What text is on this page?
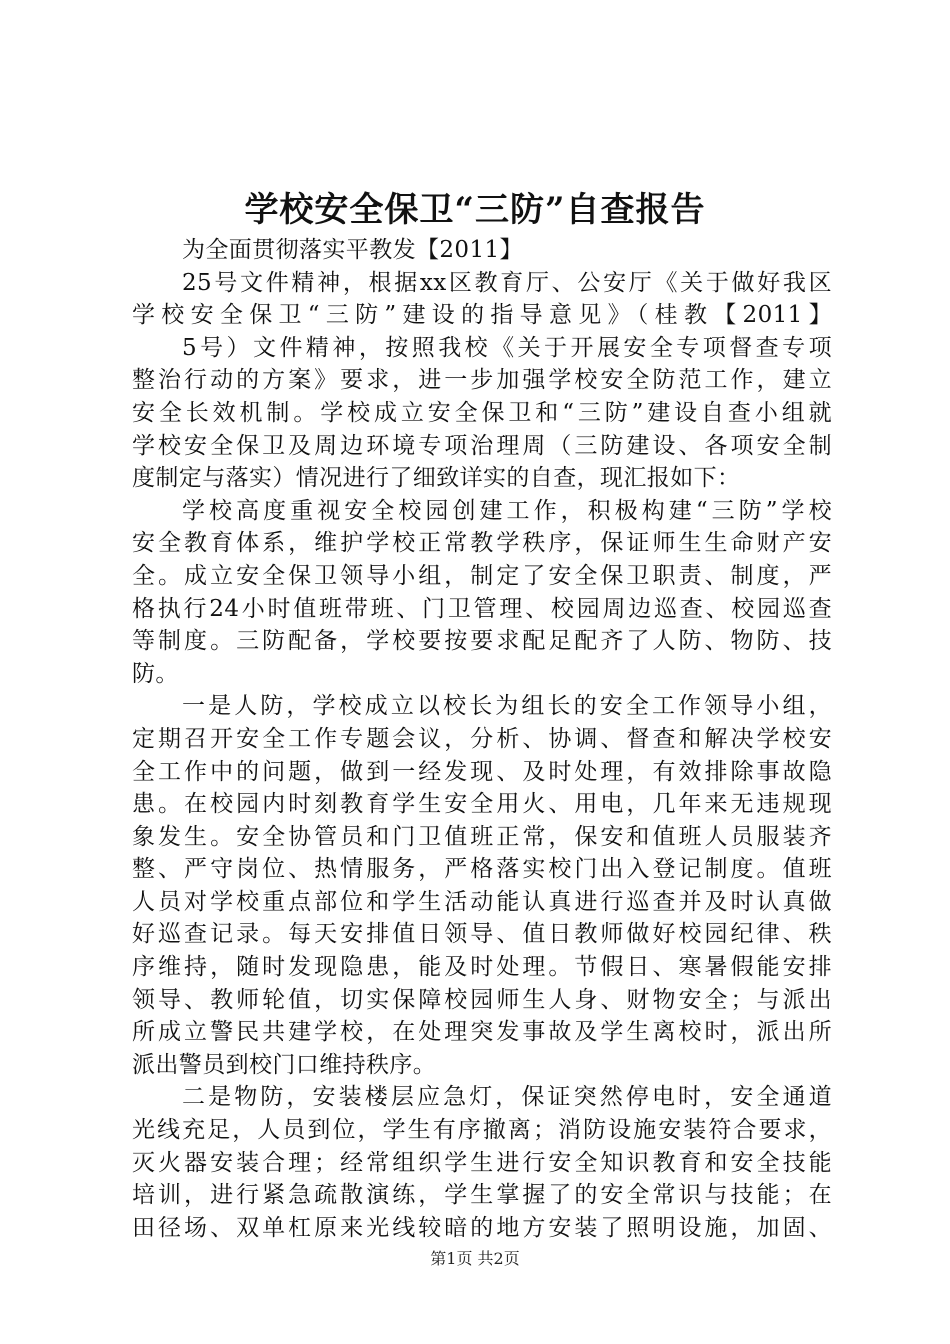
学校安全保卫“三防”自查报告
为全面贯彻落实平教发【2011】
25号文件精神，根据xx区教育厅、公安厅《关于做好我区
学校安全保卫“三防”建设的指导意见》（桂教【2011】
5号）文件精神，按照我校《关于开展安全专项督查专项
整治行动的方案》要求，进一步加强学校安全防范工作，建立
安全长效机制。学校成立安全保卫和“三防”建设自查小组就
学校安全保卫及周边环境专项治理周（三防建设、各项安全制
度制定与落实）情况进行了细致详实的自查，现汇报如下：
学校高度重视安全校园创建工作，积极构建“三防”学校
安全教育体系，维护学校正常教学秩序，保证师生生命财产安
全。成立安全保卫领导小组，制定了安全保卫职责、制度，严
格执行24小时值班带班、门卫管理、校园周边巡查、校园巡查
等制度。三防配备，学校要按要求配足配齐了人防、物防、技
防。
一是人防，学校成立以校长为组长的安全工作领导小组，
定期召开安全工作专题会议，分析、协调、督查和解决学校安
全工作中的问题，做到一经发现、及时处理，有效排除事故隐
患。在校园内时刻教育学生安全用火、用电，几年来无违规现
象发生。安全协管员和门卫值班正常，保安和值班人员服装齐
整、严守岗位、热情服务，严格落实校门出入登记制度。值班
人员对学校重点部位和学生活动能认真进行巡查并及时认真做
好巡查记录。每天安排值日领导、值日教师做好校园纪律、秩
序维持，随时发现隐患，能及时处理。节假日、寒暑假能安排
领导、教师轮值，切实保障校园师生人身、财物安全；与派出
所成立警民共建学校，在处理突发事故及学生离校时，派出所
派出警员到校门口维持秩序。
二是物防，安装楼层应急灯，保证突然停电时，安全通道
光线充足，人员到位，学生有序撤离；消防设施安装符合要求，
灭火器安装合理；经常组织学生进行安全知识教育和安全技能
培训，进行紧急疏散演练，学生掌握了的安全常识与技能；在
田径场、双单杠原来光线较暗的地方安装了照明设施，加固、
第1页 共2页
